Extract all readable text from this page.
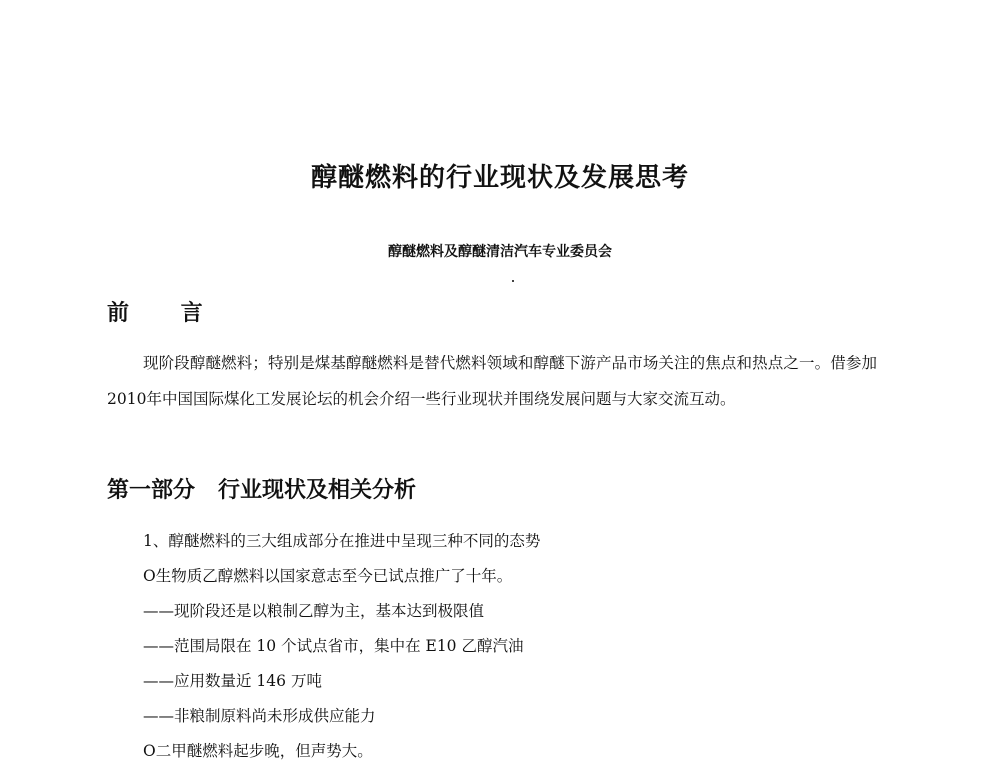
醇醚燃料的行业现状及发展思考
醇醚燃料及醇醚清洁汽车专业委员会
前 言
现阶段醇醚燃料；特别是煤基醇醚燃料是替代燃料领域和醇醚下游产品市场关注的焦点和热点之一。借参加2010年中国国际煤化工发展论坛的机会介绍一些行业现状并围绕发展问题与大家交流互动。
第一部分   行业现状及相关分析
1、醇醚燃料的三大组成部分在推进中呈现三种不同的态势
O生物质乙醇燃料以国家意志至今已试点推广了十年。
——现阶段还是以粮制乙醇为主，基本达到极限值
——范围局限在 10 个试点省市，集中在 E10 乙醇汽油
——应用数量近 146 万吨
——非粮制原料尚未形成供应能力
O二甲醚燃料起步晚，但声势大。
